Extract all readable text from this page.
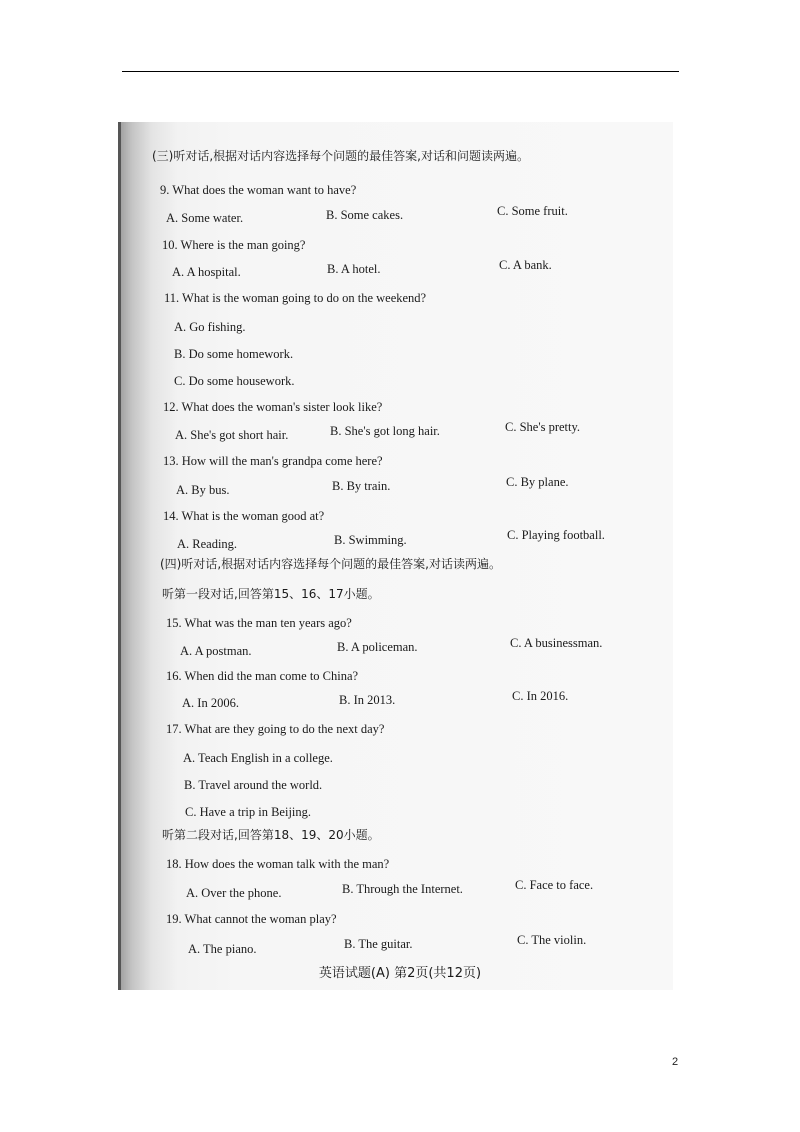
(三)听对话,根据对话内容选择每个问题的最佳答案,对话和问题读两遍。
9. What does the woman want to have?
A. Some water.	B. Some cakes.	C. Some fruit.
10. Where is the man going?
A. A hospital.	B. A hotel.	C. A bank.
11. What is the woman going to do on the weekend?
A. Go fishing.
B. Do some homework.
C. Do some housework.
12. What does the woman's sister look like?
A. She's got short hair.	B. She's got long hair.	C. She's pretty.
13. How will the man's grandpa come here?
A. By bus.	B. By train.	C. By plane.
14. What is the woman good at?
A. Reading.	B. Swimming.	C. Playing football.
(四)听对话,根据对话内容选择每个问题的最佳答案,对话读两遍。
听第一段对话,回答第15、16、17小题。
15. What was the man ten years ago?
A. A postman.	B. A policeman.	C. A businessman.
16. When did the man come to China?
A. In 2006.	B. In 2013.	C. In 2016.
17. What are they going to do the next day?
A. Teach English in a college.
B. Travel around the world.
C. Have a trip in Beijing.
听第二段对话,回答第18、19、20小题。
18. How does the woman talk with the man?
A. Over the phone.	B. Through the Internet.	C. Face to face.
19. What cannot the woman play?
A. The piano.	B. The guitar.	C. The violin.
英语试题(A) 第2页(共12页)
2
